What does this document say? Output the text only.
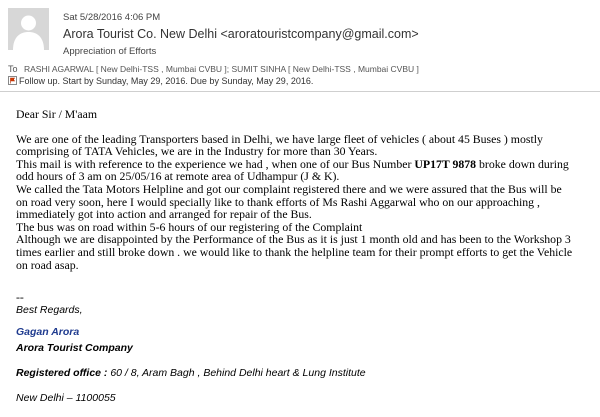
Sat 5/28/2016 4:06 PM
Arora Tourist Co. New Delhi <aroratouristcompany@gmail.com>
Appreciation of Efforts
To RASHI AGARWAL [ New Delhi-TSS , Mumbai CVBU ]; SUMIT SINHA [ New Delhi-TSS , Mumbai CVBU ]
Follow up. Start by Sunday, May 29, 2016. Due by Sunday, May 29, 2016.

Dear Sir / M'aam

We are one of the leading Transporters based in Delhi, we have large fleet of vehicles ( about 45 Buses ) mostly

comprising of TATA Vehicles, we are in the Industry for more than 30 Years.

This mail is with reference to the experience we had , when one of our Bus Number UP17T 9878 broke down during

odd hours of 3 am on 25/05/16 at remote area of Udhampur (J & K).

We called the Tata Motors Helpline and got our complaint registered there and we were assured that the Bus will be

on road very soon, here I would specially like to thank efforts of Ms Rashi Aggarwal who on our approaching ,

immediately got into action and arranged for repair of the Bus.

The bus was on road within 5-6 hours of our registering of the Complaint

Although we are disappointed by the Performance of the Bus as it is just 1 month old and has been to the Workshop 3

times earlier and still broke down . we would like to thank the helpline team for their prompt efforts to get the Vehicle

on road asap.

--
Best Regards,
Gagan Arora
Arora Tourist Company
Registered office : 60 / 8, Aram Bagh , Behind Delhi heart & Lung Institute
New Delhi – 1100055
